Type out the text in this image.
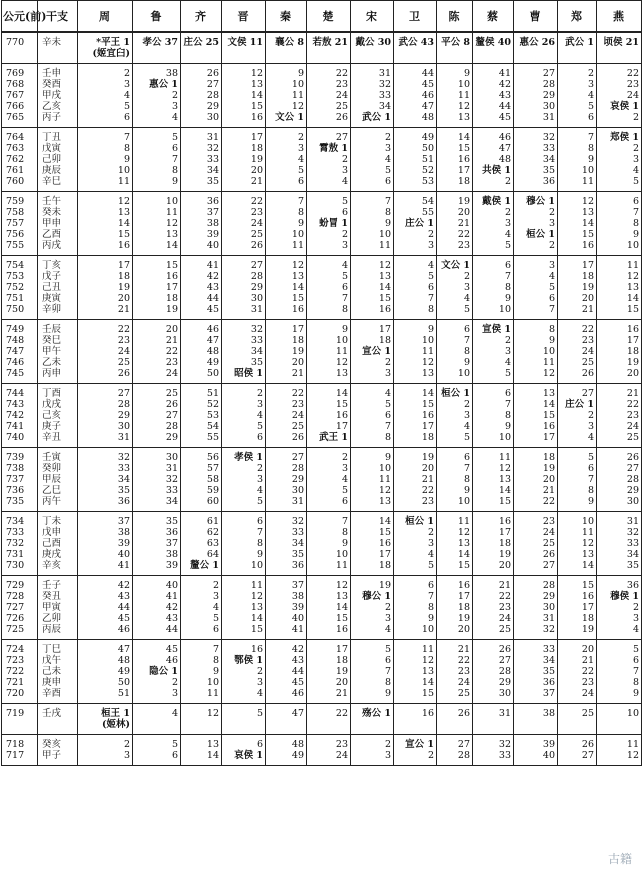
公元(前)	干支	周	鲁	齐	晋	秦	楚	宋	卫	陈	蔡	曹	郑	燕
770	辛未	*平王 1	孝公 37	庄公 25	文侯 11	襄公 8	若敖 21	戴公 30	武公 43	平公 8	釐侯 40	惠公 26	武公 1	顷侯 21
		(姬宜臼)												
769	壬申	2	38	26	12	9	22	31	44	9	41	27	2	22
768	癸酉	3	惠公 1	27	13	10	23	32	45	10	42	28	3	23
767	甲戌	4	2	28	14	11	24	33	46	11	43	29	4	24
766	乙亥	5	3	29	15	12	25	34	47	12	44	30	5	哀侯 1
765	丙子	6	4	30	16	文公 1	26	武公 1	48	13	45	31	6	2
764	丁丑	7	5	31	17	2	27	2	49	14	46	32	7	郑侯 1
763	戊寅	8	6	32	18	3	霄敖 1	3	50	15	47	33	8	2
762	己卯	9	7	33	19	4	2	4	51	16	48	34	9	3
761	庚辰	10	8	34	20	5	3	5	52	17	共侯 1	35	10	4
760	辛巳	11	9	35	21	6	4	6	53	18	2	36	11	5
759	壬午	12	10	36	22	7	5	7	54	19	戴侯 1	穆公 1	12	6
758	癸未	13	11	37	23	8	6	8	55	20	2	2	13	7
757	甲申	14	12	38	24	9	蚡冒 1	9	庄公 1	21	3	3	14	8
756	乙酉	15	13	39	25	10	2	10	2	22	4	桓公 1	15	9
755	丙戌	16	14	40	26	11	3	11	3	23	5	2	16	10
754	丁亥	17	15	41	27	12	4	12	4	文公 1	6	3	17	11
753	戊子	18	16	42	28	13	5	13	5	2	7	4	18	12
752	己丑	19	17	43	29	14	6	14	6	3	8	5	19	13
751	庚寅	20	18	44	30	15	7	15	7	4	9	6	20	14
750	辛卯	21	19	45	31	16	8	16	8	5	10	7	21	15
749	壬辰	22	20	46	32	17	9	17	9	6	宣侯 1	8	22	16
748	癸巳	23	21	47	33	18	10	18	10	7	2	9	23	17
747	甲午	24	22	48	34	19	11	宣公 1	11	8	3	10	24	18
746	乙未	25	23	49	35	20	12	2	12	9	4	11	25	19
745	丙申	26	24	50	昭侯 1	21	13	3	13	10	5	12	26	20
744	丁酉	27	25	51	2	22	14	4	14	桓公 1	6	13	27	21
743	戊戌	28	26	52	3	23	15	5	15	2	7	14	庄公 1	22
742	己亥	29	27	53	4	24	16	6	16	3	8	15	2	23
741	庚子	30	28	54	5	25	17	7	17	4	9	16	3	24
740	辛丑	31	29	55	6	26	武王 1	8	18	5	10	17	4	25
739	壬寅	32	30	56	孝侯 1	27	2	9	19	6	11	18	5	26
738	癸卯	33	31	57	2	28	3	10	20	7	12	19	6	27
737	甲辰	34	32	58	3	29	4	11	21	8	13	20	7	28
736	乙巳	35	33	59	4	30	5	12	22	9	14	21	8	29
735	丙午	36	34	60	5	31	6	13	23	10	15	22	9	30
734	丁未	37	35	61	6	32	7	14	桓公 1	11	16	23	10	31
733	戊申	38	36	62	7	33	8	15	2	12	17	24	11	32
732	己酉	39	37	63	8	34	9	16	3	13	18	25	12	33
731	庚戌	40	38	64	9	35	10	17	4	14	19	26	13	34
730	辛亥	41	39	釐公 1	10	36	11	18	5	15	20	27	14	35
729	壬子	42	40	2	11	37	12	19	6	16	21	28	15	36
728	癸丑	43	41	3	12	38	13	穆公 1	7	17	22	29	16	穆侯 1
727	甲寅	44	42	4	13	39	14	2	8	18	23	30	17	2
726	乙卯	45	43	5	14	40	15	3	9	19	24	31	18	3
725	丙辰	46	44	6	15	41	16	4	10	20	25	32	19	4
724	丁巳	47	45	7	16	42	17	5	11	21	26	33	20	5
723	戊午	48	46	8	鄂侯 1	43	18	6	12	22	27	34	21	6
722	己未	49	隐公 1	9	2	44	19	7	13	23	28	35	22	7
721	庚申	50	2	10	3	45	20	8	14	24	29	36	23	8
720	辛酉	51	3	11	4	46	21	9	15	25	30	37	24	9
719	壬戌	桓王 1	4	12	5	47	22	殇公 1	16	26	31	38	25	10
		(姬林)												
718	癸亥	2	5	13	6	48	23	2	宣公 1	27	32	39	26	11
717	甲子	3	6	14	哀侯 1	49	24	3	2	28	33	40	27	12
古籍
